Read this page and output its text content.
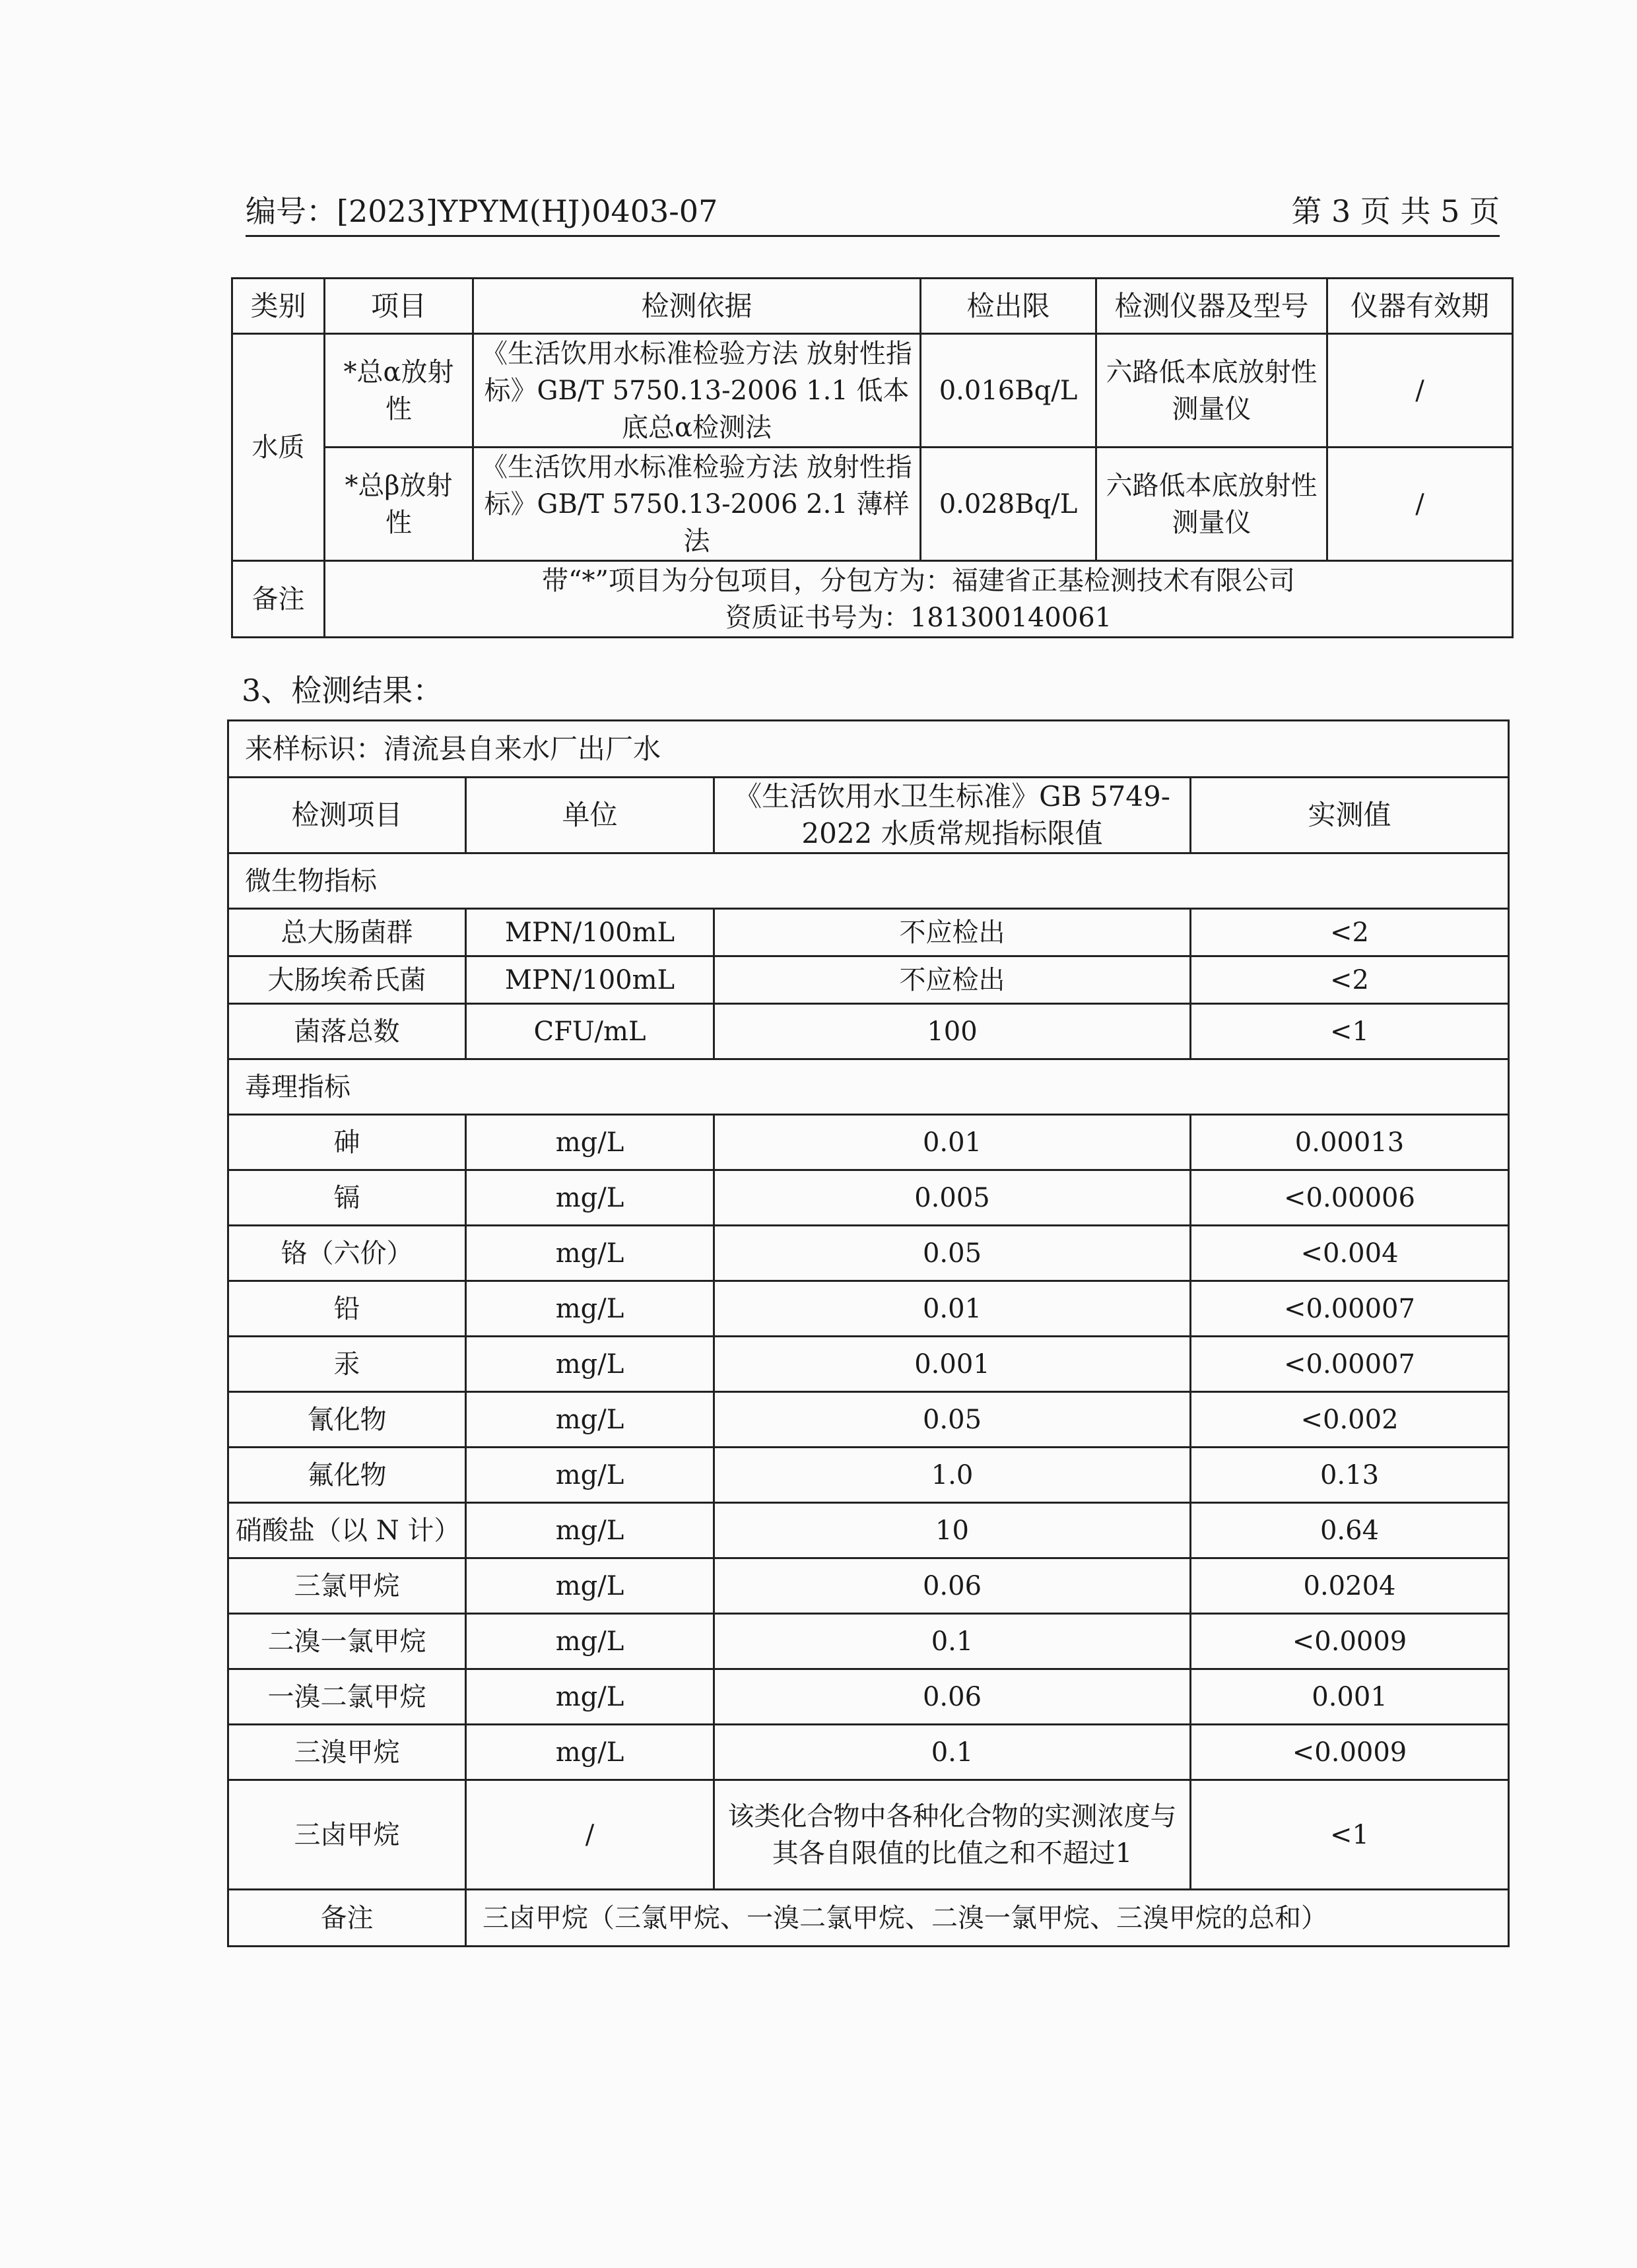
编号：[2023]YPYM(HJ)0403-07	第 3 页 共 5 页
类别	项目	检测依据	检出限	检测仪器及型号	仪器有效期
水质	*总α放射性	《生活饮用水标准检验方法 放射性指标》GB/T 5750.13-2006 1.1 低本底总α检测法	0.016Bq/L	六路低本底放射性测量仪	/
	*总β放射性	《生活饮用水标准检验方法 放射性指标》GB/T 5750.13-2006 2.1 薄样法	0.028Bq/L	六路低本底放射性测量仪	/
备注	带“*”项目为分包项目，分包方为：福建省正基检测技术有限公司
资质证书号为：181300140061				
3、检测结果：
来样标识：清流县自来水厂出厂水			
检测项目	单位	《生活饮用水卫生标准》GB 5749-2022 水质常规指标限值	实测值
微生物指标			
总大肠菌群	MPN/100mL	不应检出	<2
大肠埃希氏菌	MPN/100mL	不应检出	<2
菌落总数	CFU/mL	100	<1
毒理指标			
砷	mg/L	0.01	0.00013
镉	mg/L	0.005	<0.00006
铬（六价）	mg/L	0.05	<0.004
铅	mg/L	0.01	<0.00007
汞	mg/L	0.001	<0.00007
氰化物	mg/L	0.05	<0.002
氟化物	mg/L	1.0	0.13
硝酸盐（以 N 计）	mg/L	10	0.64
三氯甲烷	mg/L	0.06	0.0204
二溴一氯甲烷	mg/L	0.1	<0.0009
一溴二氯甲烷	mg/L	0.06	0.001
三溴甲烷	mg/L	0.1	<0.0009
三卤甲烷	/	该类化合物中各种化合物的实测浓度与其各自限值的比值之和不超过1	<1
备注	三卤甲烷（三氯甲烷、一溴二氯甲烷、二溴一氯甲烷、三溴甲烷的总和）		
